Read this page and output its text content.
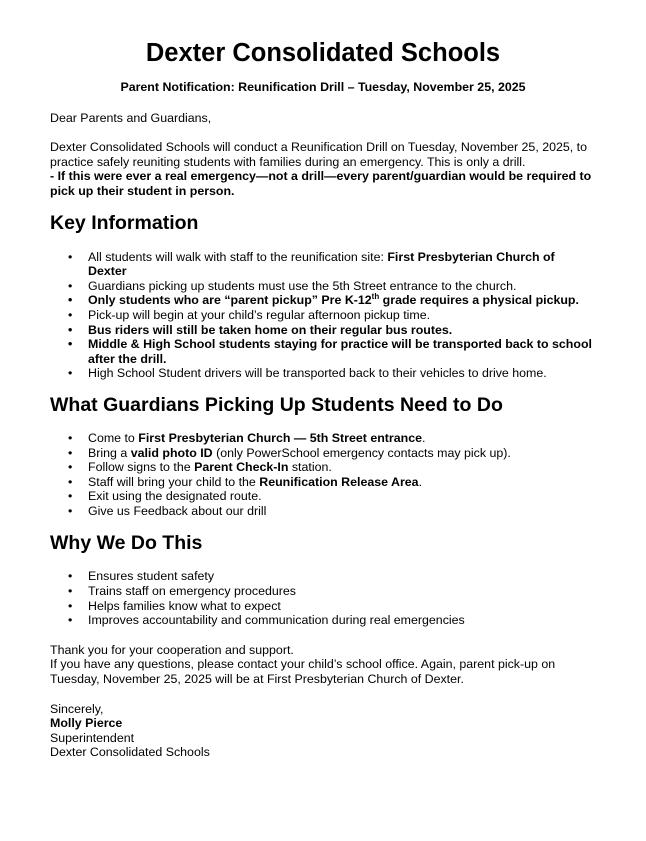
Dexter Consolidated Schools

Parent Notification: Reunification Drill – Tuesday, November 25, 2025

Dear Parents and Guardians,

Dexter Consolidated Schools will conduct a Reunification Drill on Tuesday, November 25, 2025, to practice safely reuniting students with families during an emergency. This is only a drill.

- If this were ever a real emergency—not a drill—every parent/guardian would be required to pick up their student in person.

Key Information
• All students will walk with staff to the reunification site: First Presbyterian Church of Dexter
• Guardians picking up students must use the 5th Street entrance to the church.
• Only students who are “parent pickup” Pre K-12th grade requires a physical pickup.
• Pick-up will begin at your child’s regular afternoon pickup time.
• Bus riders will still be taken home on their regular bus routes.
• Middle & High School students staying for practice will be transported back to school after the drill.
• High School Student drivers will be transported back to their vehicles to drive home.
What Guardians Picking Up Students Need to Do
• Come to First Presbyterian Church — 5th Street entrance.
• Bring a valid photo ID (only PowerSchool emergency contacts may pick up).
• Follow signs to the Parent Check-In station.
• Staff will bring your child to the Reunification Release Area.
• Exit using the designated route.
• Give us Feedback about our drill
Why We Do This
• Ensures student safety
• Trains staff on emergency procedures
• Helps families know what to expect
• Improves accountability and communication during real emergencies

Thank you for your cooperation and support.

If you have any questions, please contact your child’s school office. Again, parent pick-up on Tuesday, November 25, 2025 will be at First Presbyterian Church of Dexter.

Sincerely,

Molly Pierce

Superintendent

Dexter Consolidated Schools
